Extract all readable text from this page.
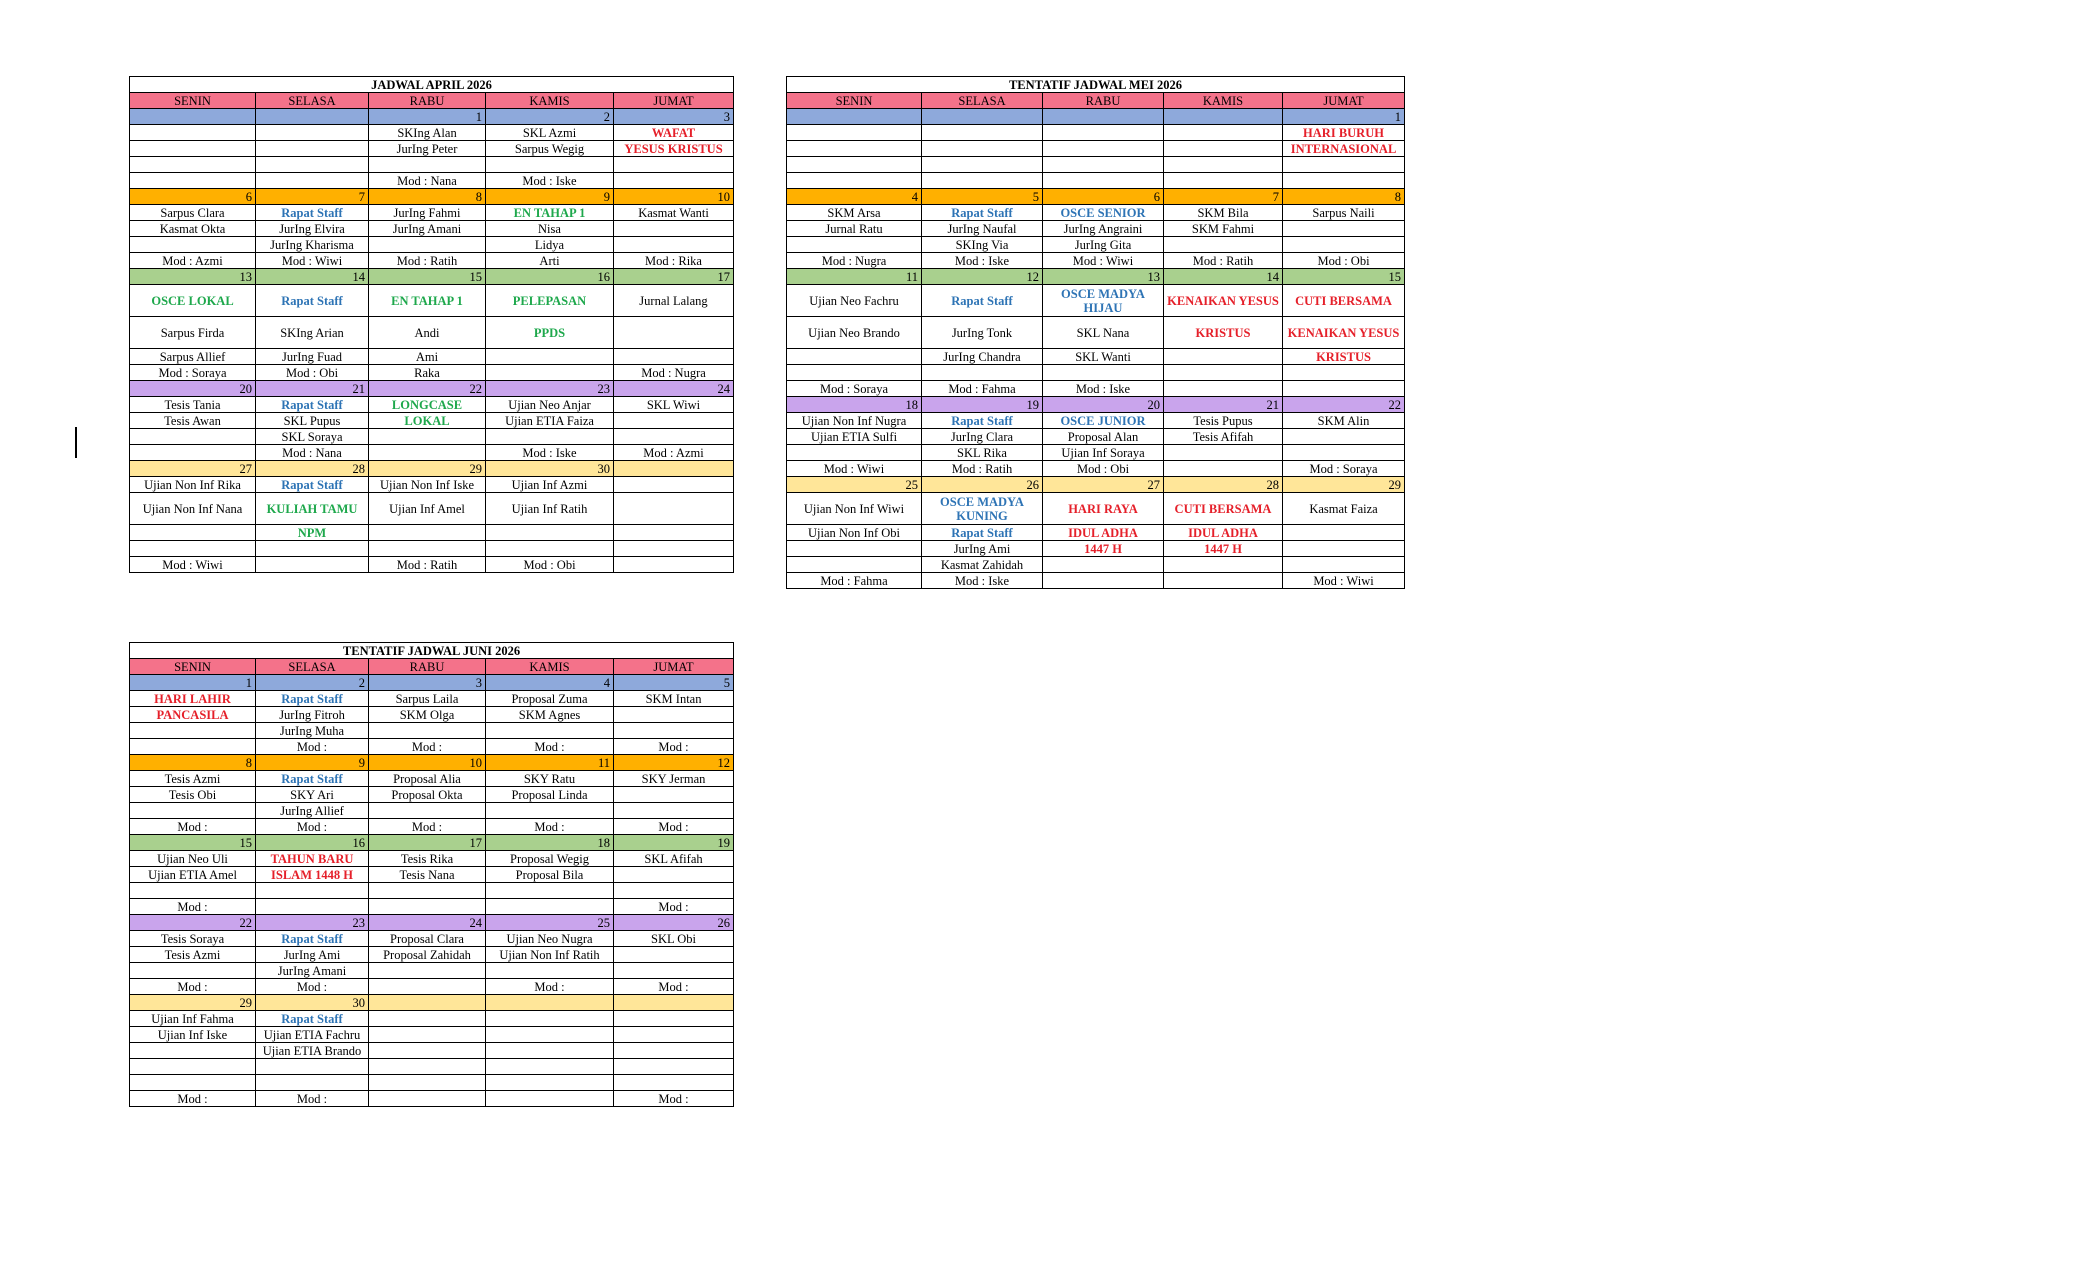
JADWAL APRIL 2026				
SENIN	SELASA	RABU	KAMIS	JUMAT
		1	2	3
		SKIng Alan	SKL Azmi	WAFAT
		JurIng Peter	Sarpus Wegig	YESUS KRISTUS

		Mod : Nana	Mod : Iske	
6	7	8	9	10
Sarpus Clara	Rapat Staff	JurIng Fahmi	EN TAHAP 1	Kasmat Wanti
Kasmat Okta	JurIng Elvira	JurIng Amani	Nisa	
	JurIng Kharisma		Lidya	
Mod : Azmi	Mod : Wiwi	Mod : Ratih	Arti	Mod : Rika
13	14	15	16	17
OSCE LOKAL	Rapat Staff	EN TAHAP 1	PELEPASAN	Jurnal Lalang
Sarpus Firda	SKIng Arian	Andi	PPDS	
Sarpus Allief	JurIng Fuad	Ami		
Mod : Soraya	Mod : Obi	Raka		Mod : Nugra
20	21	22	23	24
Tesis Tania	Rapat Staff	LONGCASE	Ujian Neo Anjar	SKL Wiwi
Tesis Awan	SKL Pupus	LOKAL	Ujian ETIA Faiza	
	SKL Soraya			
	Mod : Nana		Mod : Iske	Mod : Azmi
27	28	29	30	
Ujian Non Inf Rika	Rapat Staff	Ujian Non Inf Iske	Ujian Inf Azmi	
Ujian Non Inf Nana	KULIAH TAMU	Ujian Inf Amel	Ujian Inf Ratih	
	NPM			

Mod : Wiwi		Mod : Ratih	Mod : Obi	
TENTATIF JADWAL MEI 2026				
SENIN	SELASA	RABU	KAMIS	JUMAT
				1
				HARI BURUH
				INTERNASIONAL

4	5	6	7	8
SKM Arsa	Rapat Staff	OSCE SENIOR	SKM Bila	Sarpus Naili
Jurnal Ratu	JurIng Naufal	JurIng Angraini	SKM Fahmi	
	SKIng Via	JurIng Gita		
Mod : Nugra	Mod : Iske	Mod : Wiwi	Mod : Ratih	Mod : Obi
11	12	13	14	15
Ujian Neo Fachru	Rapat Staff	OSCE MADYA HIJAU	KENAIKAN YESUS	CUTI BERSAMA
Ujian Neo Brando	JurIng Tonk	SKL Nana	KRISTUS	KENAIKAN YESUS
	JurIng Chandra	SKL Wanti		KRISTUS

Mod : Soraya	Mod : Fahma	Mod : Iske		
18	19	20	21	22
Ujian Non Inf Nugra	Rapat Staff	OSCE JUNIOR	Tesis Pupus	SKM Alin
Ujian ETIA Sulfi	JurIng Clara	Proposal Alan	Tesis Afifah	
	SKL Rika	Ujian Inf Soraya		
Mod : Wiwi	Mod : Ratih	Mod : Obi		Mod : Soraya
25	26	27	28	29
Ujian Non Inf Wiwi	OSCE MADYA KUNING	HARI RAYA	CUTI BERSAMA	Kasmat Faiza
Ujian Non Inf Obi	Rapat Staff	IDUL ADHA	IDUL ADHA	
	JurIng Ami	1447 H	1447 H	
	Kasmat Zahidah			
Mod : Fahma	Mod : Iske			Mod : Wiwi
TENTATIF JADWAL JUNI 2026				
SENIN	SELASA	RABU	KAMIS	JUMAT
1	2	3	4	5
HARI LAHIR	Rapat Staff	Sarpus Laila	Proposal Zuma	SKM Intan
PANCASILA	JurIng Fitroh	SKM Olga	SKM Agnes	
	JurIng Muha			
	Mod :	Mod :	Mod :	Mod :
8	9	10	11	12
Tesis Azmi	Rapat Staff	Proposal Alia	SKY Ratu	SKY Jerman
Tesis Obi	SKY Ari	Proposal Okta	Proposal Linda	
	JurIng Allief			
Mod :	Mod :	Mod :	Mod :	Mod :
15	16	17	18	19
Ujian Neo Uli	TAHUN BARU	Tesis Rika	Proposal Wegig	SKL Afifah
Ujian ETIA Amel	ISLAM 1448 H	Tesis Nana	Proposal Bila	

Mod :				Mod :
22	23	24	25	26
Tesis Soraya	Rapat Staff	Proposal Clara	Ujian Neo Nugra	SKL Obi
Tesis Azmi	JurIng Ami	Proposal Zahidah	Ujian Non Inf Ratih	
	JurIng Amani			
Mod :	Mod :		Mod :	Mod :
29	30			
Ujian Inf Fahma	Rapat Staff			
Ujian Inf Iske	Ujian ETIA Fachru			
	Ujian ETIA Brando			

Mod :	Mod :			Mod :
